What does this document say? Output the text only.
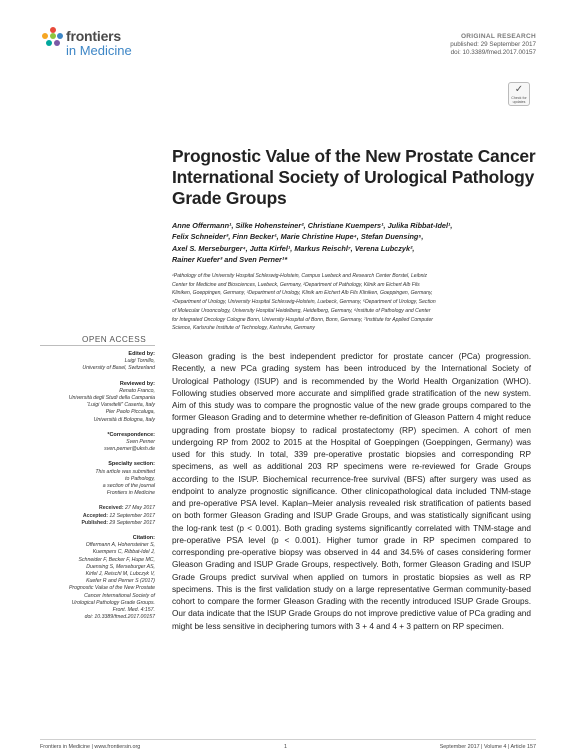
frontiers
in Medicine
ORIGINAL RESEARCH
published: 29 September 2017
doi: 10.3389/fmed.2017.00157
✓
Check for
updates
Prognostic Value of the New Prostate Cancer International Society of Urological Pathology Grade Groups
Anne Offermann¹, Silke Hohensteiner², Christiane Kuempers¹, Julika Ribbat-Idel¹,
Felix Schneider³, Finn Becker¹, Marie Christine Hupe⁴, Stefan Duensing⁵,
Axel S. Merseburger⁴, Jutta Kirfel¹, Markus Reischl⁷, Verena Lubczyk²,
Rainer Kuefer³ and Sven Perner¹*
¹Pathology of the University Hospital Schleswig-Holstein, Campus Luebeck and Research Center Borstel, Leibniz
Center for Medicine and Biosciences, Luebeck, Germany, ²Department of Pathology, Klinik am Eichert Alb Fils
Kliniken, Goeppingen, Germany, ³Department of Urology, Klinik am Eichert Alb Fils Kliniken, Goeppingen, Germany,
⁴Department of Urology, University Hospital Schleswig-Holstein, Luebeck, Germany, ⁵Department of Urology, Section
of Molecular Urooncology, University Hospital Heidelberg, Heidelberg, Germany, ⁶Institute of Pathology and Center
for Integrated Oncology Cologne Bonn, University Hospital of Bonn, Bonn, Germany, ⁷Institute for Applied Computer
Science, Karlsruhe Institute of Technology, Karlsruhe, Germany
OPEN ACCESS
Edited by:
Luigi Tornillo,
University of Basel, Switzerland
Reviewed by:
Renato Franco,
Università degli Studi della Campania
“Luigi Vanvitelli” Caserta, Italy
Pier Paolo Piccaluga,
Università di Bologna, Italy
*Correspondence:
Sven Perner
sven.perner@uksh.de
Specialty section:
This article was submitted
to Pathology,
a section of the journal
Frontiers in Medicine
Received: 27 May 2017
Accepted: 12 September 2017
Published: 29 September 2017
Citation:
Offermann A, Hohensteiner S,
Kuempers C, Ribbat-Idel J,
Schneider F, Becker F, Hupe MC,
Duensing S, Merseburger AS,
Kirfel J, Reischl M, Lubczyk V,
Kuefer R and Perner S (2017)
Prognostic Value of the New Prostate
Cancer International Society of
Urological Pathology Grade Groups.
Front. Med. 4:157.
doi: 10.3389/fmed.2017.00157

Gleason grading is the best independent predictor for prostate cancer (PCa) progression. Recently, a new PCa grading system has been introduced by the International Society of Urological Pathology (ISUP) and is recommended by the World Health Organization (WHO). Following studies observed more accurate and simplified grade stratification of the new system. Aim of this study was to compare the prognostic value of the new grade groups compared to the former Gleason Grading and to determine whether re-definition of Gleason Pattern 4 might reduce upgrading from prostate biopsy to radical prostatectomy (RP) specimen. A cohort of men undergoing RP from 2002 to 2015 at the Hospital of Goeppingen (Goeppingen, Germany) was used for this study. In total, 339 pre-operative prostatic biopsies and corresponding RP specimens, as well as additional 203 RP specimens were re-reviewed for Grade Groups according to the ISUP. Biochemical recurrence-free survival (BFS) after surgery was used as endpoint to analyze prognostic significance. Other clinicopathological data included TNM-stage and pre-operative PSA level. Kaplan–Meier analysis revealed risk stratification of patients based on both former Gleason Grading and ISUP Grade Groups, and was statistically significant using the log-rank test (p < 0.001). Both grading systems significantly correlated with TNM-stage and pre-operative PSA level (p < 0.001). Higher tumor grade in RP specimen compared to corresponding pre-operative biopsy was observed in 44 and 34.5% of cases considering former Gleason Grading and ISUP Grade Groups, respectively. Both, former Gleason Grading and ISUP Grade Groups predict survival when applied on tumors in prostatic biopsies as well as RP specimens. This is the first validation study on a large representative German community-based cohort to compare the former Gleason Grading with the recently introduced ISUP Grade Groups. Our data indicate that the ISUP Grade Groups do not improve predictive value of PCa grading and might be less sensitive in deciphering tumors with 3 + 4 and 4 + 3 pattern on RP specimen.

Frontiers in Medicine | www.frontiersin.org	1	September 2017 | Volume 4 | Article 157
